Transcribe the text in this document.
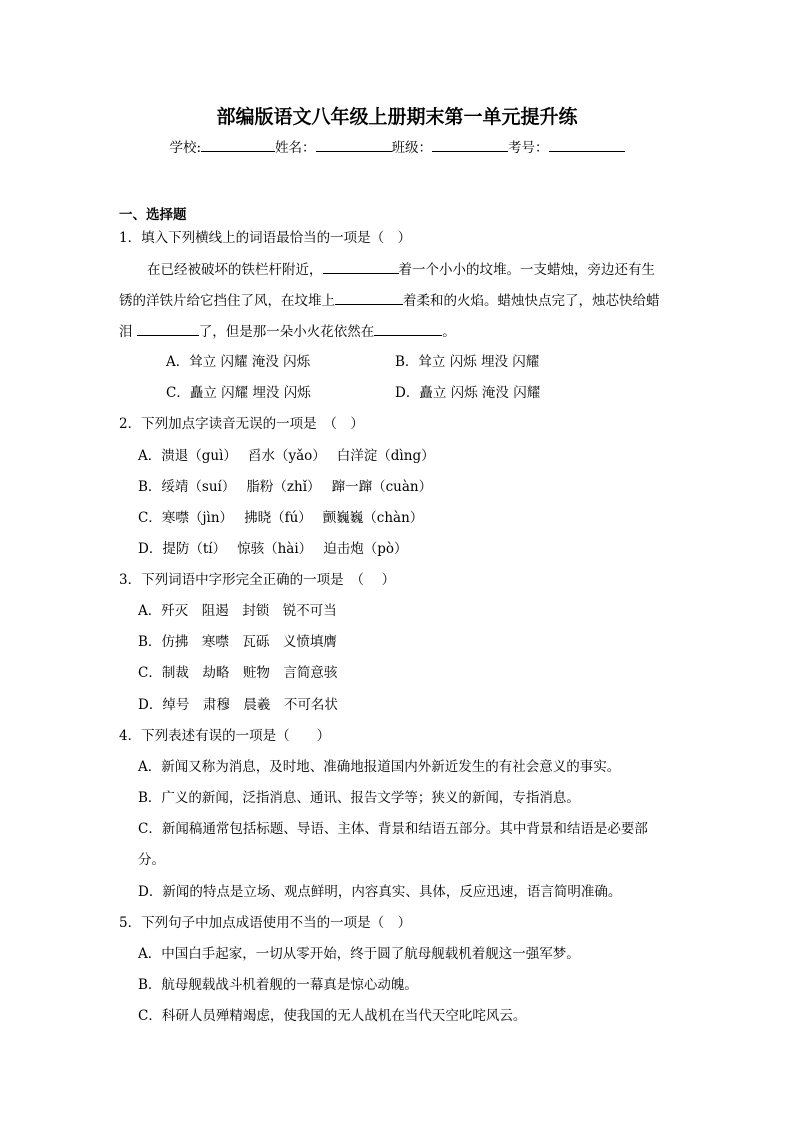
部编版语文八年级上册期末第一单元提升练
学校:	姓名：	班级：	考号：
一、选择题
1．填入下列横线上的词语最恰当的一项是（　）
在已经被破坏的铁栏杆附近，	着一个小小的坟堆。一支蜡烛，旁边还有生
锈的洋铁片给它挡住了风，在坟堆上	着柔和的火焰。蜡烛快点完了，烛芯快给蜡
泪	了，但是那一朵小火花依然在	。
A．耸立 闪耀 淹没 闪烁	B．耸立 闪烁 埋没 闪耀
C．矗立 闪耀 埋没 闪烁	D．矗立 闪烁 淹没 闪耀
2．下列加点字读音无误的一项是　（　）
A．溃退（guì）　 舀水（yǎo）　 白洋淀（dìng）
B．绥靖（suí）　 脂粉（zhǐ）　 蹿一蹿（cuàn）
C．寒噤（jìn）　 拂晓（fú）　 颤巍巍（chàn）
D．提防（tí）　 惊骇（hài）　 迫击炮（pò）
3．下列词语中字形完全正确的一项是　（　 ）
A．歼灭　阻遏　封锁　锐不可当
B．仿拂　寒噤　瓦砾　义愤填膺
C．制裁　劫略　赃物　言简意骇
D．绰号　肃穆　晨羲　不可名状
4．下列表述有误的一项是（　　）
A．新闻又称为消息，及时地、准确地报道国内外新近发生的有社会意义的事实。
B．广义的新闻，泛指消息、通讯、报告文学等；狭义的新闻，专指消息。
C．新闻稿通常包括标题、导语、主体、背景和结语五部分。其中背景和结语是必要部
分。
D．新闻的特点是立场、观点鲜明，内容真实、具体，反应迅速，语言简明准确。
5．下列句子中加点成语使用不当的一项是（　）
A．中国白手起家，一切从零开始，终于圆了航母舰载机着舰这一强军梦。
B．航母舰载战斗机着舰的一幕真是惊心动魄。
C．科研人员殚精竭虑，使我国的无人战机在当代天空叱咤风云。
